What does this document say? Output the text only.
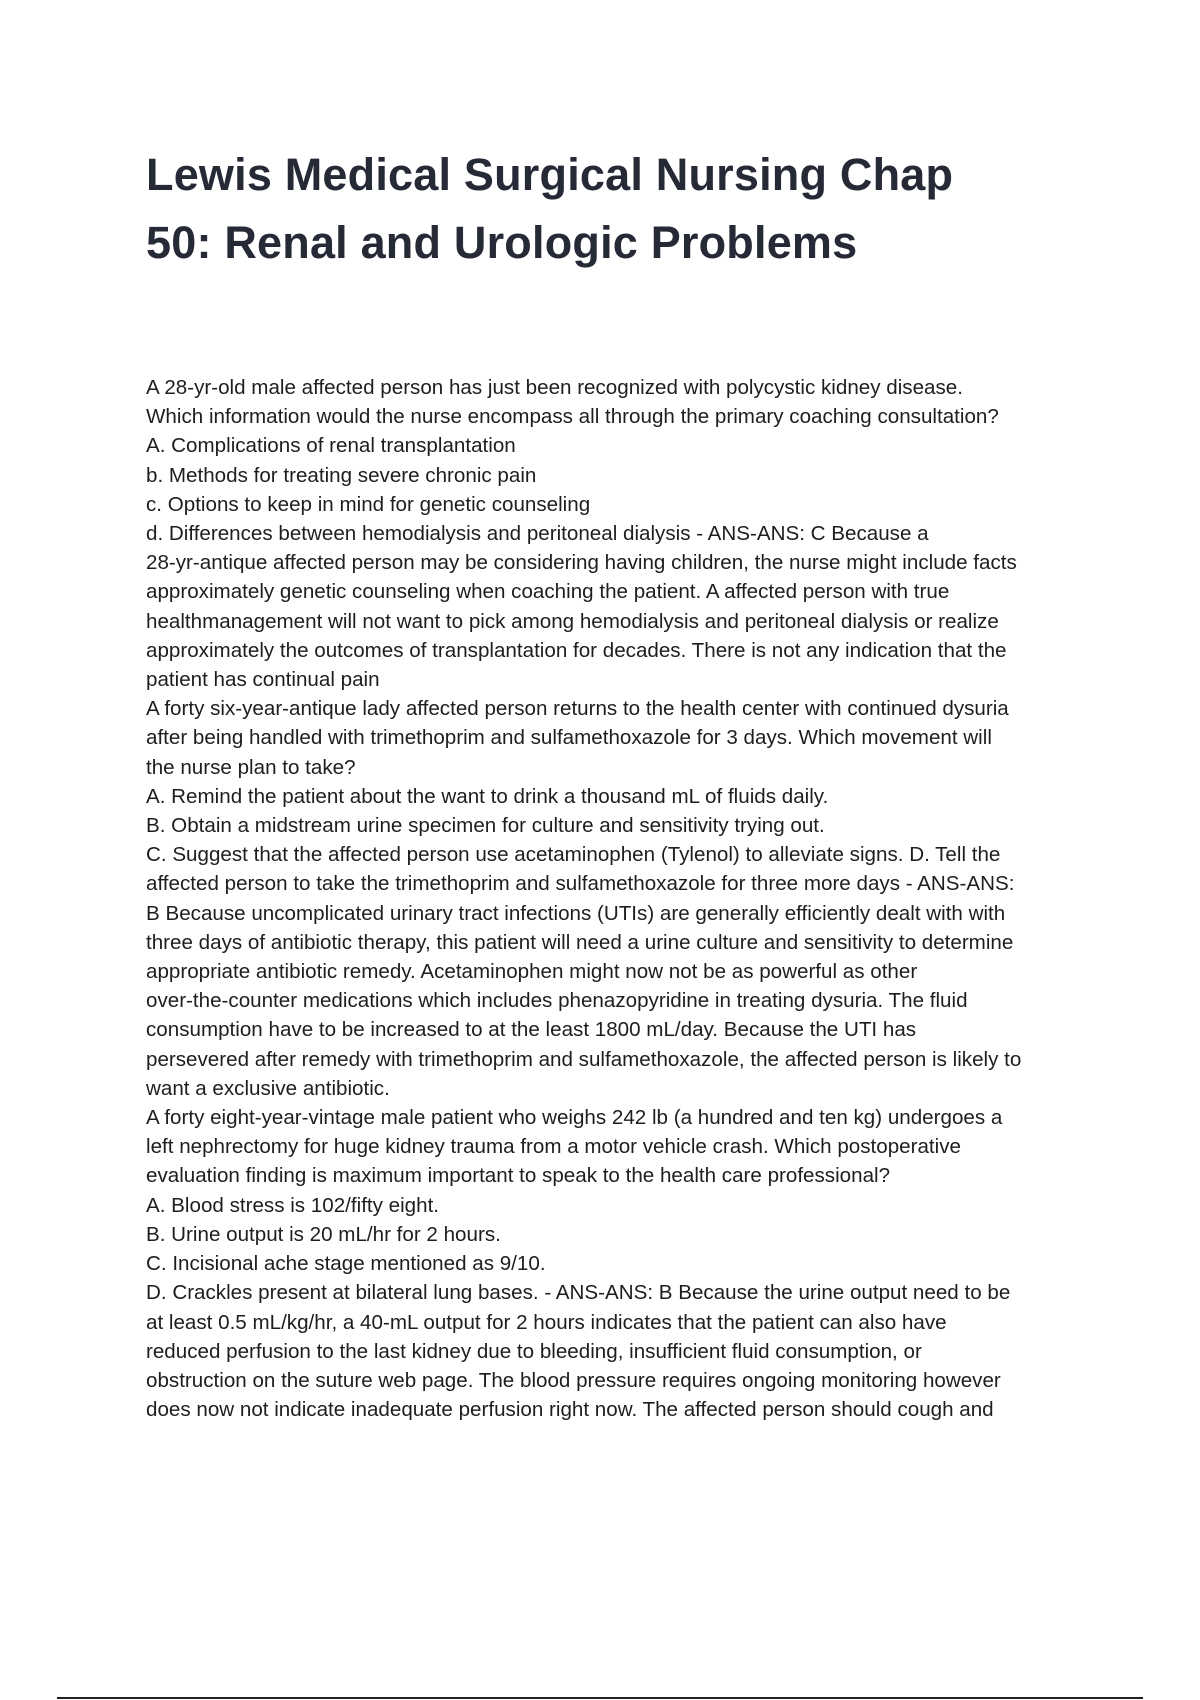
Lewis Medical Surgical Nursing Chap
50: Renal and Urologic Problems
A 28-yr-old male affected person has just been recognized with polycystic kidney disease.
Which information would the nurse encompass all through the primary coaching consultation?
A. Complications of renal transplantation
b. Methods for treating severe chronic pain
c. Options to keep in mind for genetic counseling
d. Differences between hemodialysis and peritoneal dialysis - ANS-ANS: C Because a
28-yr-antique affected person may be considering having children, the nurse might include facts
approximately genetic counseling when coaching the patient. A affected person with true
healthmanagement will not want to pick among hemodialysis and peritoneal dialysis or realize
approximately the outcomes of transplantation for decades. There is not any indication that the
patient has continual pain
A forty six-year-antique lady affected person returns to the health center with continued dysuria
after being handled with trimethoprim and sulfamethoxazole for 3 days. Which movement will
the nurse plan to take?
A. Remind the patient about the want to drink a thousand mL of fluids daily.
B. Obtain a midstream urine specimen for culture and sensitivity trying out.
C. Suggest that the affected person use acetaminophen (Tylenol) to alleviate signs. D. Tell the
affected person to take the trimethoprim and sulfamethoxazole for three more days - ANS-ANS:
B Because uncomplicated urinary tract infections (UTIs) are generally efficiently dealt with with
three days of antibiotic therapy, this patient will need a urine culture and sensitivity to determine
appropriate antibiotic remedy. Acetaminophen might now not be as powerful as other
over-the-counter medications which includes phenazopyridine in treating dysuria. The fluid
consumption have to be increased to at the least 1800 mL/day. Because the UTI has
persevered after remedy with trimethoprim and sulfamethoxazole, the affected person is likely to
want a exclusive antibiotic.
A forty eight-year-vintage male patient who weighs 242 lb (a hundred and ten kg) undergoes a
left nephrectomy for huge kidney trauma from a motor vehicle crash. Which postoperative
evaluation finding is maximum important to speak to the health care professional?
A. Blood stress is 102/fifty eight.
B. Urine output is 20 mL/hr for 2 hours.
C. Incisional ache stage mentioned as 9/10.
D. Crackles present at bilateral lung bases. - ANS-ANS: B Because the urine output need to be
at least 0.5 mL/kg/hr, a 40-mL output for 2 hours indicates that the patient can also have
reduced perfusion to the last kidney due to bleeding, insufficient fluid consumption, or
obstruction on the suture web page. The blood pressure requires ongoing monitoring however
does now not indicate inadequate perfusion right now. The affected person should cough and
